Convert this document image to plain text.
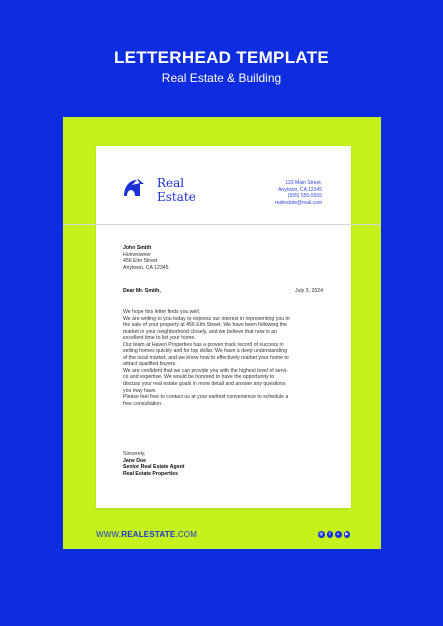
LETTERHEAD TEMPLATE
Real Estate & Building
Real
Estate
123 Main Street,
Anytown, CA 12345
(555) 555-5555
realestate@mail.com
John Smith
Homeowner
456 Elm Street
Anytown, CA 12345
Dear Mr. Smith,	July 3, 2024

We hope this letter finds you well.

We are writing to you today to express our interest in representing you in

the sale of your property at 456 Elm Street. We have been following the

market in your neighborhood closely, and we believe that now is an

excellent time to list your home.

Our team at Haven Properties has a proven track record of success in

selling homes quickly and for top dollar. We have a deep understanding

of the local market, and we know how to effectively market your home to

attract qualified buyers.

We are confident that we can provide you with the highest level of servi-

ce and expertise. We would be honored to have the opportunity to

discuss your real estate goals in more detail and answer any questions

you may have.

Please feel free to contact us at your earliest convenience to schedule a

free consultation.

Sincerely,
Jane Doe
Senior Real Estate Agent
Real Estate Properties
WWW.REALESTATE.COM	◎	f	x	▶
